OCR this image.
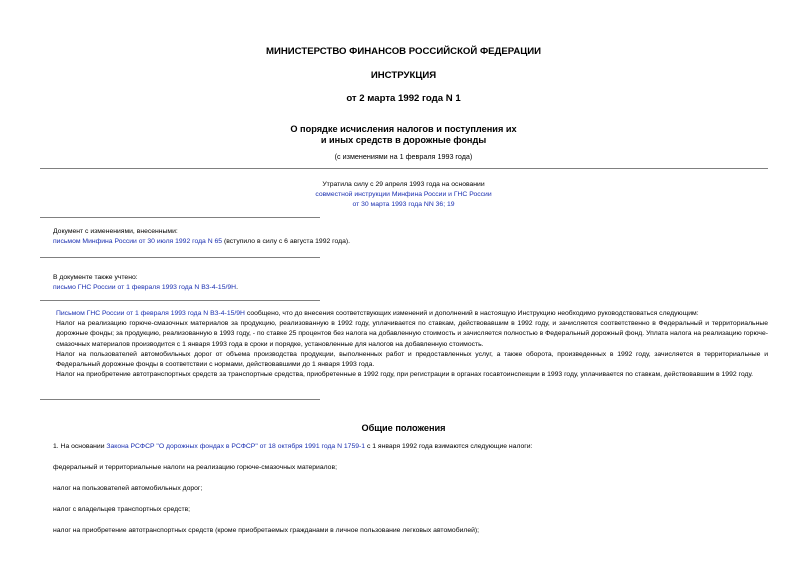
МИНИСТЕРСТВО ФИНАНСОВ РОССИЙСКОЙ ФЕДЕРАЦИИ
ИНСТРУКЦИЯ
от 2 марта 1992 года N 1
О порядке исчисления налогов и поступления их
и иных средств в дорожные фонды
(с изменениями на 1 февраля 1993 года)
Утратила силу с 29 апреля 1993 года на основании
совместной инструкции Минфина России и ГНС России
от 30 марта 1993 года NN 36; 19
Документ с изменениями, внесенными:
письмом Минфина России от 30 июля 1992 года N 65 (вступило в силу с 6 августа 1992 года).
В документе также учтено:
письмо ГНС России от 1 февраля 1993 года N ВЗ-4-15/9Н.
Письмом ГНС России от 1 февраля 1993 года N ВЗ-4-15/9Н сообщено, что до внесения соответствующих изменений и дополнений в настоящую Инструкцию необходимо руководствоваться следующим:
Налог на реализацию горюче-смазочных материалов за продукцию, реализованную в 1992 году, уплачивается по ставкам, действовавшим в 1992 году, и зачисляется соответственно в Федеральный и территориальные дорожные фонды; за продукцию, реализованную в 1993 году, - по ставке 25 процентов без налога на добавленную стоимость и зачисляется полностью в Федеральный дорожный фонд. Уплата налога на реализацию горюче-смазочных материалов производится с 1 января 1993 года в сроки и порядке, установленные для налогов на добавленную стоимость.
Налог на пользователей автомобильных дорог от объема производства продукции, выполненных работ и предоставленных услуг, а также оборота, произведенных в 1992 году, зачисляется в территориальные и Федеральный дорожные фонды в соответствии с нормами, действовавшими до 1 января 1993 года.
Налог на приобретение автотранспортных средств за транспортные средства, приобретенные в 1992 году, при регистрации в органах госавтоинспекции в 1993 году, уплачивается по ставкам, действовавшим в 1992 году.
Общие положения
1. На основании Закона РСФСР "О дорожных фондах в РСФСР" от 18 октября 1991 года N 1759-1 с 1 января 1992 года взимаются следующие налоги:
федеральный и территориальные налоги на реализацию горюче-смазочных материалов;
налог на пользователей автомобильных дорог;
налог с владельцев транспортных средств;
налог на приобретение автотранспортных средств (кроме приобретаемых гражданами в личное пользование легковых автомобилей);
